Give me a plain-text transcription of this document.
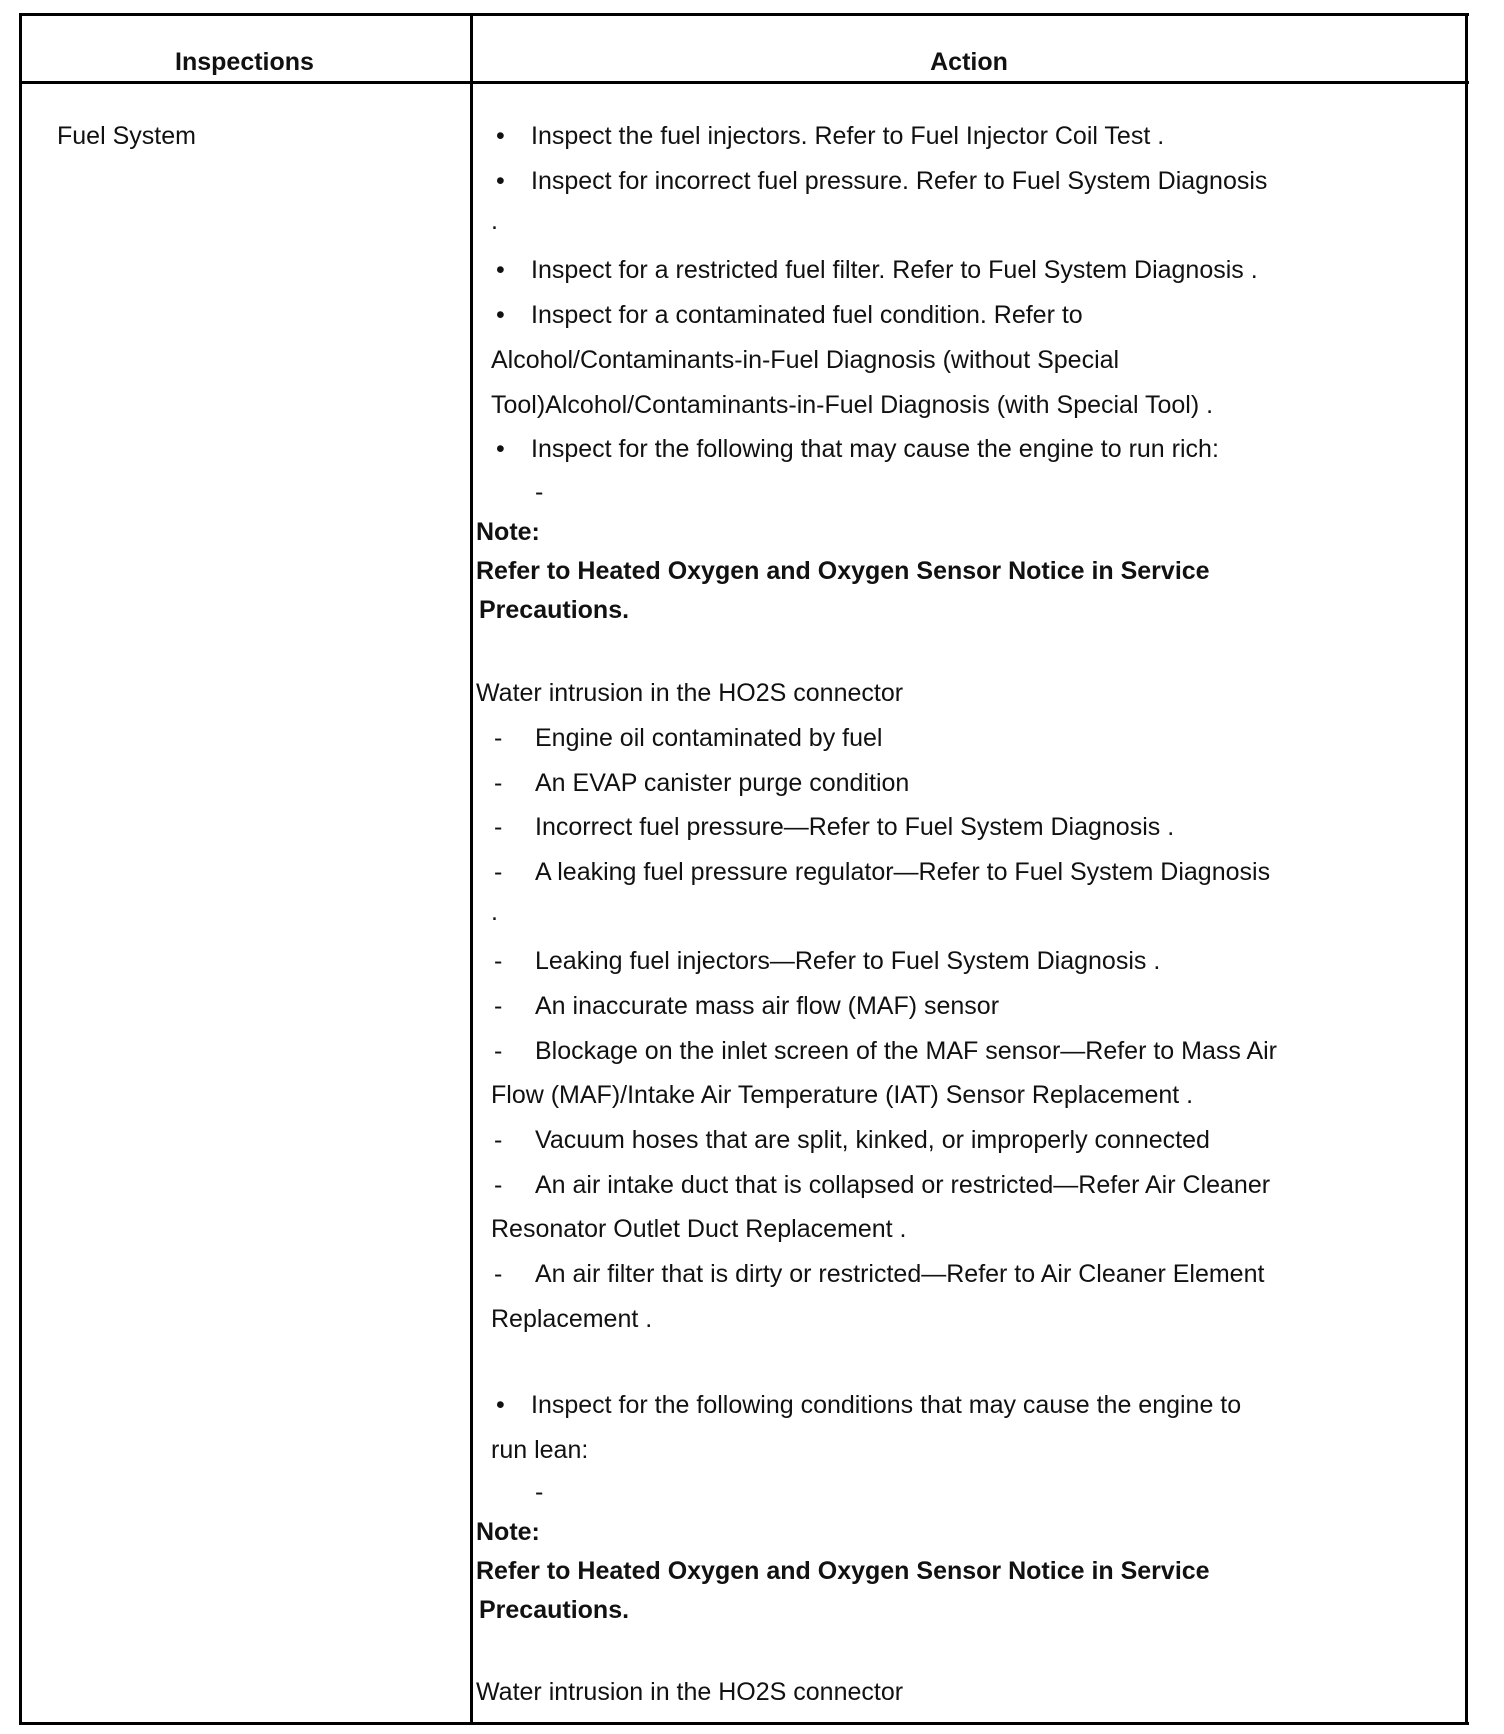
Inspections	Action
Fuel System	• Inspect the fuel injectors. Refer to Fuel Injector Coil Test .
• Inspect for incorrect fuel pressure. Refer to Fuel System Diagnosis
.
• Inspect for a restricted fuel filter. Refer to Fuel System Diagnosis .
• Inspect for a contaminated fuel condition. Refer to
Alcohol/Contaminants-in-Fuel Diagnosis (without Special
Tool)Alcohol/Contaminants-in-Fuel Diagnosis (with Special Tool) .
• Inspect for the following that may cause the engine to run rich:
-
Note:
Refer to Heated Oxygen and Oxygen Sensor Notice in Service
Precautions.
Water intrusion in the HO2S connector
- Engine oil contaminated by fuel
- An EVAP canister purge condition
- Incorrect fuel pressure—Refer to Fuel System Diagnosis .
- A leaking fuel pressure regulator—Refer to Fuel System Diagnosis
.
- Leaking fuel injectors—Refer to Fuel System Diagnosis .
- An inaccurate mass air flow (MAF) sensor
- Blockage on the inlet screen of the MAF sensor—Refer to Mass Air
Flow (MAF)/Intake Air Temperature (IAT) Sensor Replacement .
- Vacuum hoses that are split, kinked, or improperly connected
- An air intake duct that is collapsed or restricted—Refer Air Cleaner
Resonator Outlet Duct Replacement .
- An air filter that is dirty or restricted—Refer to Air Cleaner Element
Replacement .
• Inspect for the following conditions that may cause the engine to
run lean:
-
Note:
Refer to Heated Oxygen and Oxygen Sensor Notice in Service
Precautions.
Water intrusion in the HO2S connector
